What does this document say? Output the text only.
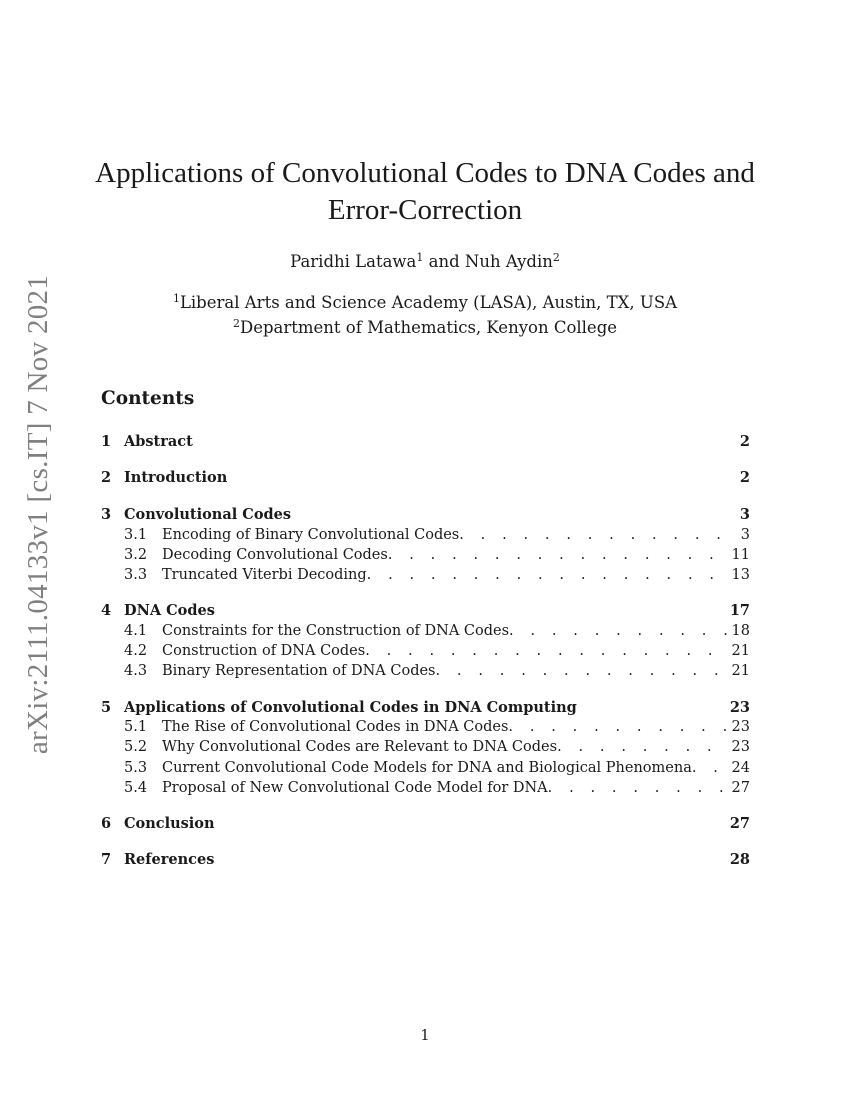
arXiv:2111.04133v1 [cs.IT] 7 Nov 2021
Applications of Convolutional Codes to DNA Codes and Error-Correction
Paridhi Latawa$^1$ and Nuh Aydin$^2$
$^1$Liberal Arts and Science Academy (LASA), Austin, TX, USA
$^2$Department of Mathematics, Kenyon College
Contents
1 Abstract	2
2 Introduction	2
3 Convolutional Codes	3
3.1	Encoding of Binary Convolutional Codes . . .	3
3.2	Decoding Convolutional Codes . . .	11
3.3	Truncated Viterbi Decoding . . .	13
4 DNA Codes	17
4.1	Constraints for the Construction of DNA Codes . . .	18
4.2	Construction of DNA Codes . . .	21
4.3	Binary Representation of DNA Codes . . .	21
5 Applications of Convolutional Codes in DNA Computing	23
5.1	The Rise of Convolutional Codes in DNA Codes . . .	23
5.2	Why Convolutional Codes are Relevant to DNA Codes . . .	23
5.3	Current Convolutional Code Models for DNA and Biological Phenomena . . .	24
5.4	Proposal of New Convolutional Code Model for DNA . . .	27
6 Conclusion	27
7 References	28
1
